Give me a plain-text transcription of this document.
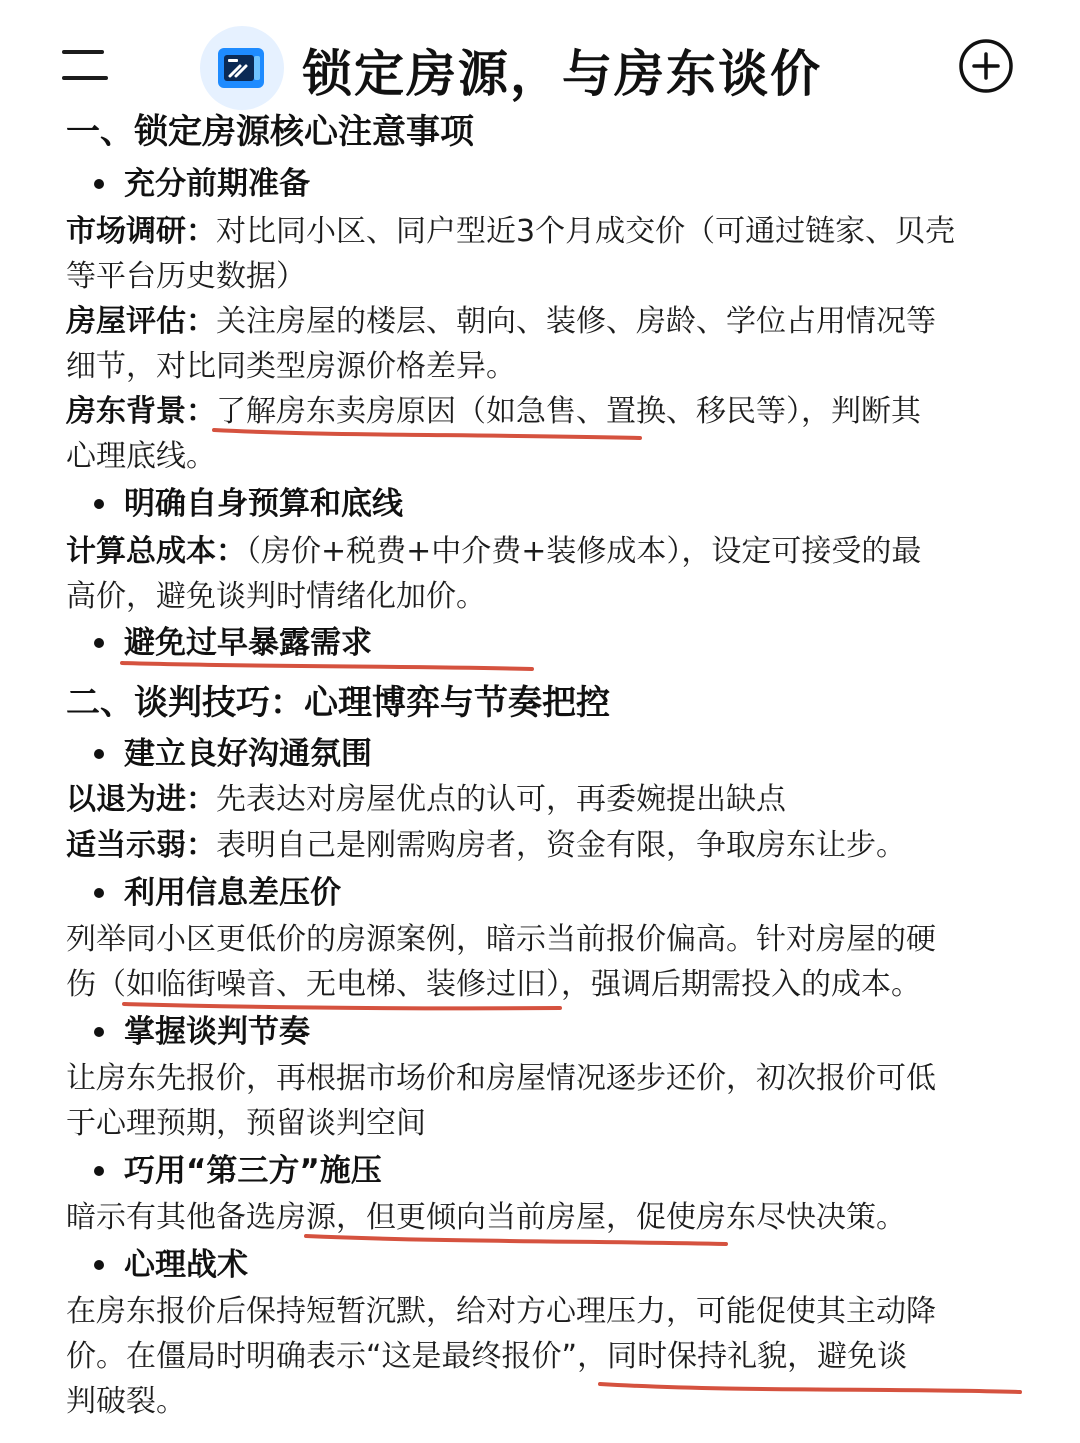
锁定房源，与房东谈价
一、锁定房源核心注意事项
充分前期准备
市场调研：对比同小区、同户型近3个月成交价（可通过链家、贝壳
等平台历史数据）
房屋评估：关注房屋的楼层、朝向、装修、房龄、学位占用情况等
细节，对比同类型房源价格差异。
房东背景：了解房东卖房原因（如急售、置换、移民等），判断其
心理底线。
明确自身预算和底线
计算总成本：（房价+税费+中介费+装修成本），设定可接受的最
高价，避免谈判时情绪化加价。
避免过早暴露需求
二、谈判技巧：心理博弈与节奏把控
建立良好沟通氛围
以退为进：先表达对房屋优点的认可，再委婉提出缺点
适当示弱：表明自己是刚需购房者，资金有限，争取房东让步。
利用信息差压价
列举同小区更低价的房源案例，暗示当前报价偏高。针对房屋的硬
伤（如临街噪音、无电梯、装修过旧），强调后期需投入的成本。
掌握谈判节奏
让房东先报价，再根据市场价和房屋情况逐步还价，初次报价可低
于心理预期，预留谈判空间
巧用“第三方”施压
暗示有其他备选房源，但更倾向当前房屋，促使房东尽快决策。
心理战术
在房东报价后保持短暂沉默，给对方心理压力，可能促使其主动降
价。在僵局时明确表示“这是最终报价”，同时保持礼貌，避免谈
判破裂。
